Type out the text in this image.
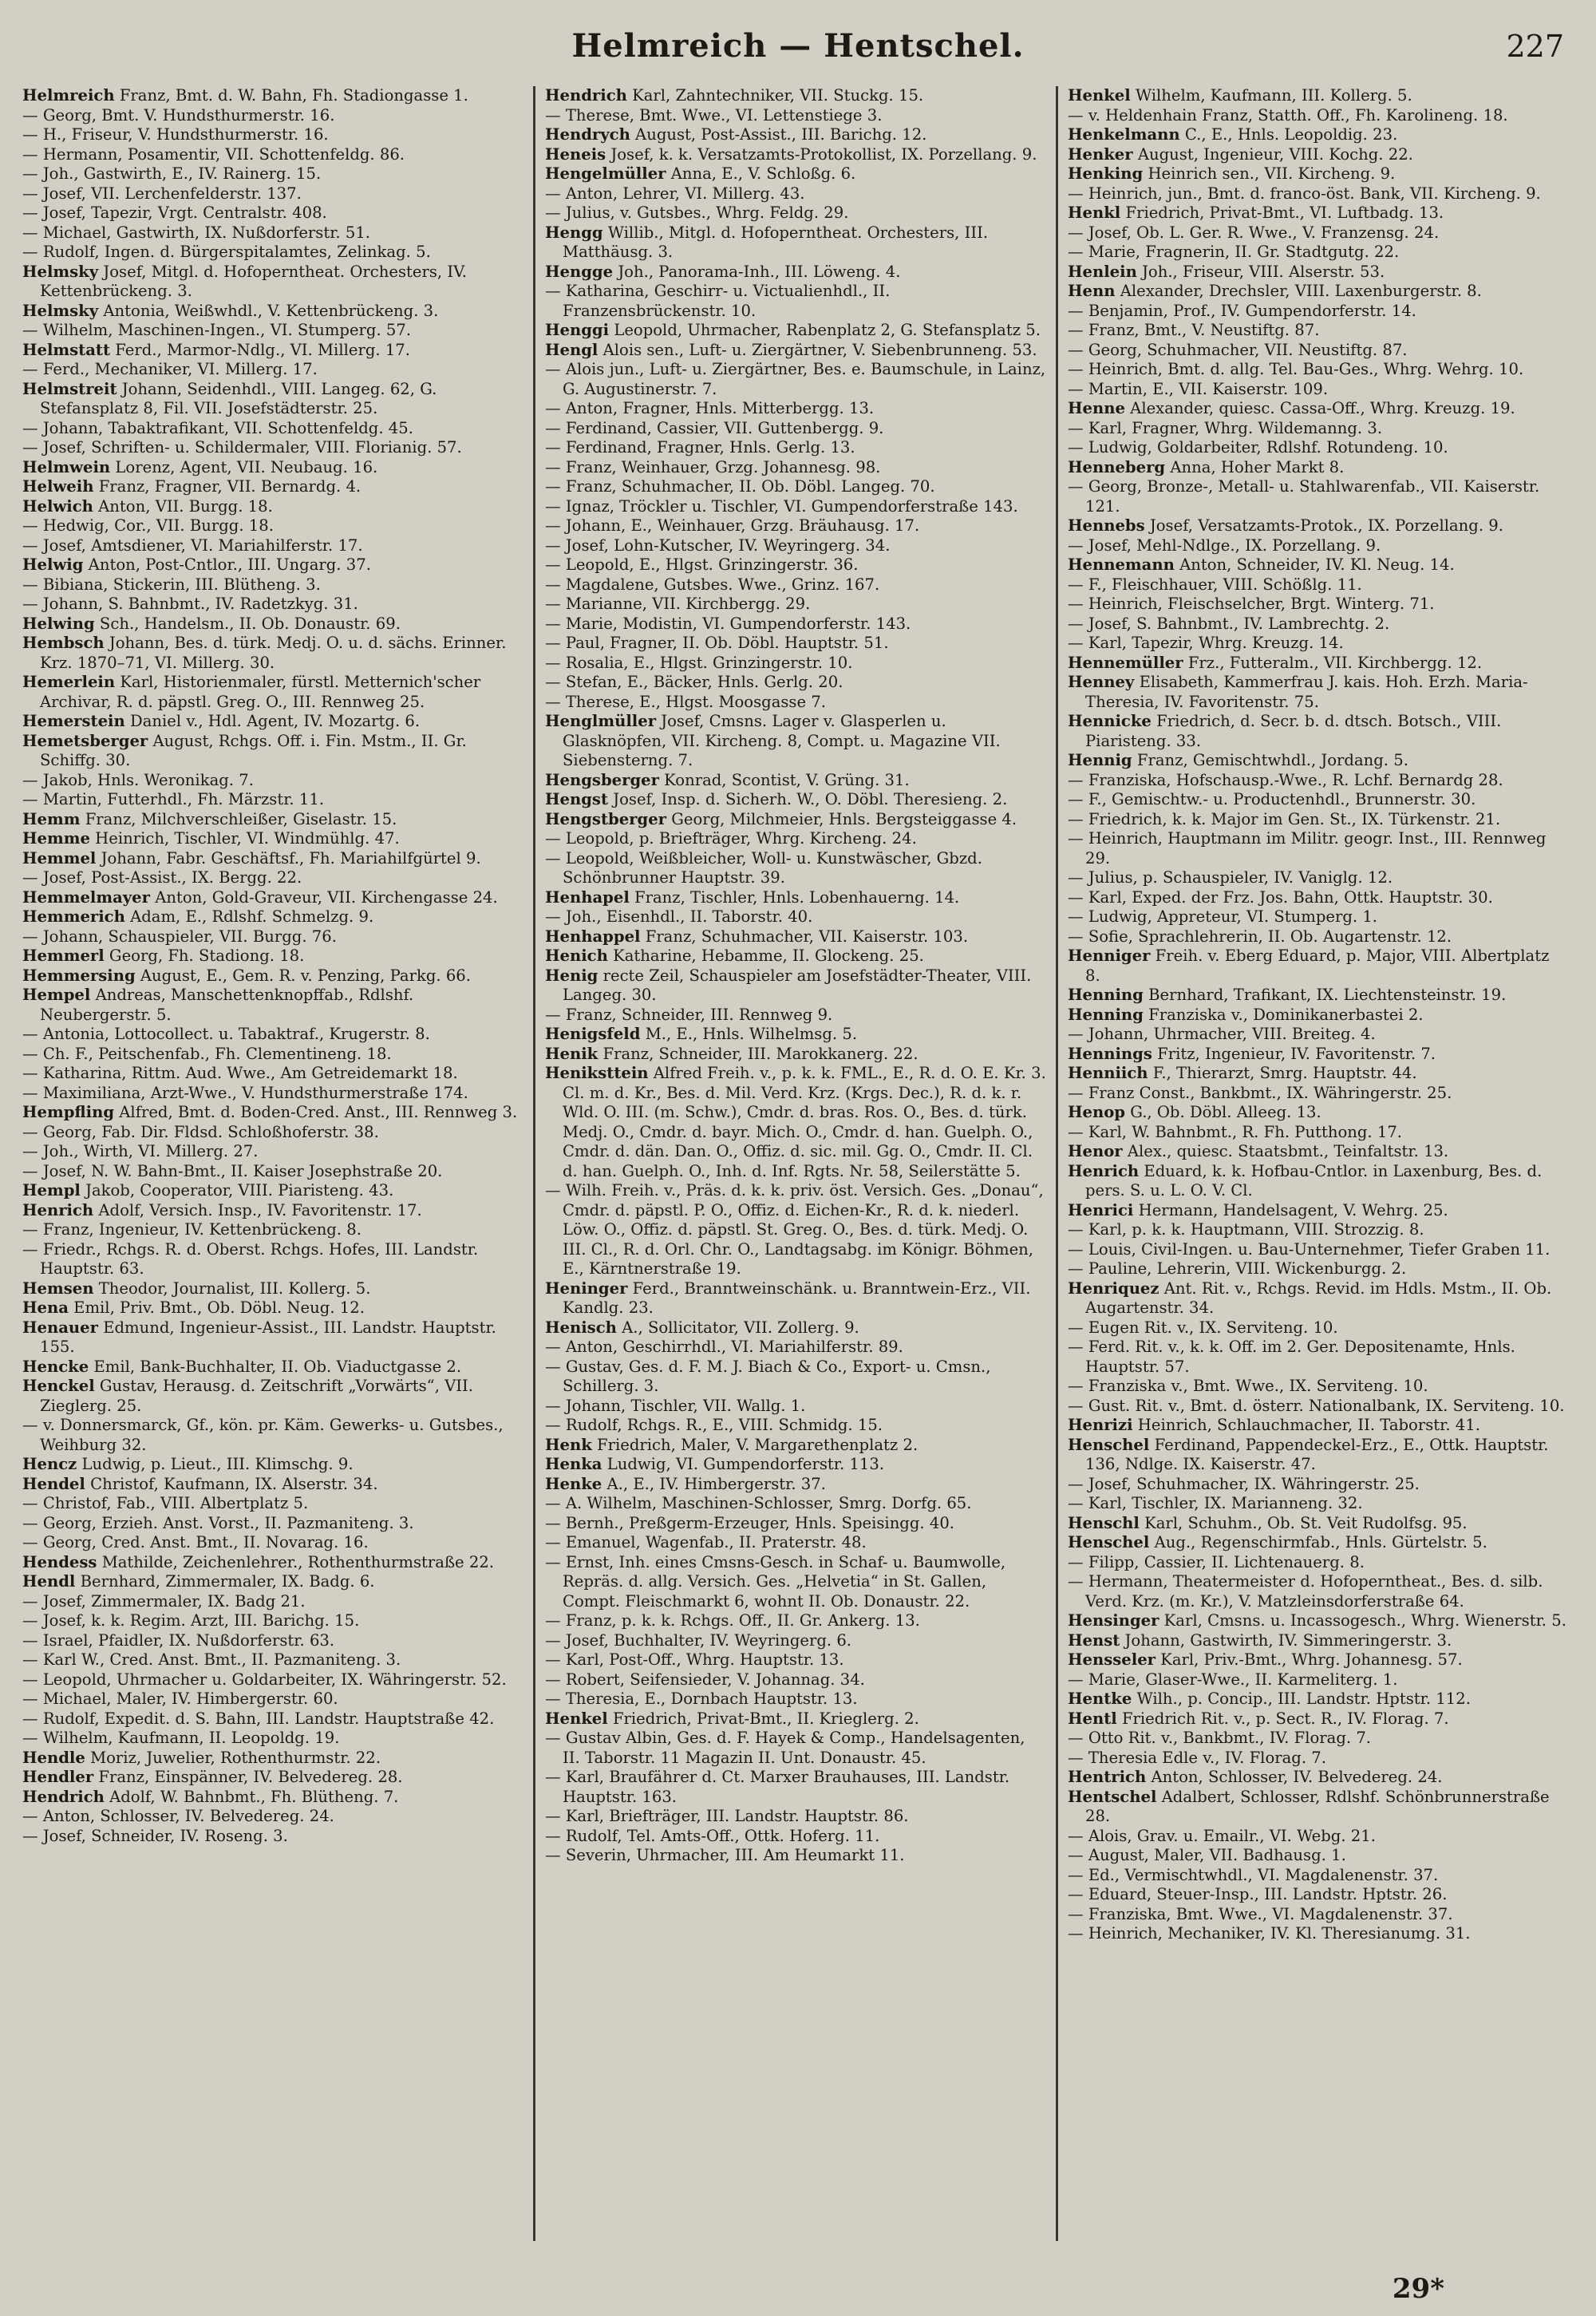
Helmreich — Hentschel.	227

Helmreich Franz, Bmt. d. W. Bahn, Fh. Stadiongasse 1.

— Georg, Bmt. V. Hundsthurmerstr. 16.

— H., Friseur, V. Hundsthurmerstr. 16.

— Hermann, Posamentir, VII. Schottenfeldg. 86.

— Joh., Gastwirth, E., IV. Rainerg. 15.

— Josef, VII. Lerchenfelderstr. 137.

— Josef, Tapezir, Vrgt. Centralstr. 408.

— Michael, Gastwirth, IX. Nußdorferstr. 51.

— Rudolf, Ingen. d. Bürgerspitalamtes, Zelinkag. 5.

Helmsky Josef, Mitgl. d. Hofoperntheat. Orchesters, IV. Kettenbrückeng. 3.

Helmsky Antonia, Weißwhdl., V. Kettenbrückeng. 3.

— Wilhelm, Maschinen-Ingen., VI. Stumperg. 57.

Helmstatt Ferd., Marmor-Ndlg., VI. Millerg. 17.

— Ferd., Mechaniker, VI. Millerg. 17.

Helmstreit Johann, Seidenhdl., VIII. Langeg. 62, G. Stefansplatz 8, Fil. VII. Josefstädterstr. 25.

— Johann, Tabaktrafikant, VII. Schottenfeldg. 45.

— Josef, Schriften- u. Schildermaler, VIII. Florianig. 57.

Helmwein Lorenz, Agent, VII. Neubaug. 16.

Helweih Franz, Fragner, VII. Bernardg. 4.

Helwich Anton, VII. Burgg. 18.

— Hedwig, Cor., VII. Burgg. 18.

— Josef, Amtsdiener, VI. Mariahilferstr. 17.

Helwig Anton, Post-Cntlor., III. Ungarg. 37.

— Bibiana, Stickerin, III. Blütheng. 3.

— Johann, S. Bahnbmt., IV. Radetzkyg. 31.

Helwing Sch., Handelsm., II. Ob. Donaustr. 69.

Hembsch Johann, Bes. d. türk. Medj. O. u. d. sächs. Erinner. Krz. 1870–71, VI. Millerg. 30.

Hemerlein Karl, Historienmaler, fürstl. Metternich'scher Archivar, R. d. päpstl. Greg. O., III. Rennweg 25.

Hemerstein Daniel v., Hdl. Agent, IV. Mozartg. 6.

Hemetsberger August, Rchgs. Off. i. Fin. Mstm., II. Gr. Schiffg. 30.

— Jakob, Hnls. Weronikag. 7.

— Martin, Futterhdl., Fh. Märzstr. 11.

Hemm Franz, Milchverschleißer, Giselastr. 15.

Hemme Heinrich, Tischler, VI. Windmühlg. 47.

Hemmel Johann, Fabr. Geschäftsf., Fh. Mariahilfgürtel 9.

— Josef, Post-Assist., IX. Bergg. 22.

Hemmelmayer Anton, Gold-Graveur, VII. Kirchengasse 24.

Hemmerich Adam, E., Rdlshf. Schmelzg. 9.

— Johann, Schauspieler, VII. Burgg. 76.

Hemmerl Georg, Fh. Stadiong. 18.

Hemmersing August, E., Gem. R. v. Penzing, Parkg. 66.

Hempel Andreas, Manschettenknopffab., Rdlshf. Neubergerstr. 5.

— Antonia, Lottocollect. u. Tabaktraf., Krugerstr. 8.

— Ch. F., Peitschenfab., Fh. Clementineng. 18.

— Katharina, Rittm. Aud. Wwe., Am Getreidemarkt 18.

— Maximiliana, Arzt-Wwe., V. Hundsthurmerstraße 174.

Hempfling Alfred, Bmt. d. Boden-Cred. Anst., III. Rennweg 3.

— Georg, Fab. Dir. Fldsd. Schloßhoferstr. 38.

— Joh., Wirth, VI. Millerg. 27.

— Josef, N. W. Bahn-Bmt., II. Kaiser Josephstraße 20.

Hempl Jakob, Cooperator, VIII. Piaristeng. 43.

Henrich Adolf, Versich. Insp., IV. Favoritenstr. 17.

— Franz, Ingenieur, IV. Kettenbrückeng. 8.

— Friedr., Rchgs. R. d. Oberst. Rchgs. Hofes, III. Landstr. Hauptstr. 63.

Hemsen Theodor, Journalist, III. Kollerg. 5.

Hena Emil, Priv. Bmt., Ob. Döbl. Neug. 12.

Henauer Edmund, Ingenieur-Assist., III. Landstr. Hauptstr. 155.

Hencke Emil, Bank-Buchhalter, II. Ob. Viaductgasse 2.

Henckel Gustav, Herausg. d. Zeitschrift „Vorwärts“, VII. Zieglerg. 25.

— v. Donnersmarck, Gf., kön. pr. Käm. Gewerks- u. Gutsbes., Weihburg 32.

Hencz Ludwig, p. Lieut., III. Klimschg. 9.

Hendel Christof, Kaufmann, IX. Alserstr. 34.

— Christof, Fab., VIII. Albertplatz 5.

— Georg, Erzieh. Anst. Vorst., II. Pazmaniteng. 3.

— Georg, Cred. Anst. Bmt., II. Novarag. 16.

Hendess Mathilde, Zeichenlehrer., Rothenthurmstraße 22.

Hendl Bernhard, Zimmermaler, IX. Badg. 6.

— Josef, Zimmermaler, IX. Badg 21.

— Josef, k. k. Regim. Arzt, III. Barichg. 15.

— Israel, Pfaidler, IX. Nußdorferstr. 63.

— Karl W., Cred. Anst. Bmt., II. Pazmaniteng. 3.

— Leopold, Uhrmacher u. Goldarbeiter, IX. Währingerstr. 52.

— Michael, Maler, IV. Himbergerstr. 60.

— Rudolf, Expedit. d. S. Bahn, III. Landstr. Hauptstraße 42.

— Wilhelm, Kaufmann, II. Leopoldg. 19.

Hendle Moriz, Juwelier, Rothenthurmstr. 22.

Hendler Franz, Einspänner, IV. Belvedereg. 28.

Hendrich Adolf, W. Bahnbmt., Fh. Blütheng. 7.

— Anton, Schlosser, IV. Belvedereg. 24.

— Josef, Schneider, IV. Roseng. 3.

Hendrich Karl, Zahntechniker, VII. Stuckg. 15.

— Therese, Bmt. Wwe., VI. Lettenstiege 3.

Hendrych August, Post-Assist., III. Barichg. 12.

Heneis Josef, k. k. Versatzamts-Protokollist, IX. Porzellang. 9.

Hengelmüller Anna, E., V. Schloßg. 6.

— Anton, Lehrer, VI. Millerg. 43.

— Julius, v. Gutsbes., Whrg. Feldg. 29.

Hengg Willib., Mitgl. d. Hofoperntheat. Orchesters, III. Matthäusg. 3.

Hengge Joh., Panorama-Inh., III. Löweng. 4.

— Katharina, Geschirr- u. Victualienhdl., II. Franzensbrückenstr. 10.

Henggi Leopold, Uhrmacher, Rabenplatz 2, G. Stefansplatz 5.

Hengl Alois sen., Luft- u. Ziergärtner, V. Siebenbrunneng. 53.

— Alois jun., Luft- u. Ziergärtner, Bes. e. Baumschule, in Lainz, G. Augustinerstr. 7.

— Anton, Fragner, Hnls. Mitterbergg. 13.

— Ferdinand, Cassier, VII. Guttenbergg. 9.

— Ferdinand, Fragner, Hnls. Gerlg. 13.

— Franz, Weinhauer, Grzg. Johannesg. 98.

— Franz, Schuhmacher, II. Ob. Döbl. Langeg. 70.

— Ignaz, Tröckler u. Tischler, VI. Gumpendorferstraße 143.

— Johann, E., Weinhauer, Grzg. Bräuhausg. 17.

— Josef, Lohn-Kutscher, IV. Weyringerg. 34.

— Leopold, E., Hlgst. Grinzingerstr. 36.

— Magdalene, Gutsbes. Wwe., Grinz. 167.

— Marianne, VII. Kirchbergg. 29.

— Marie, Modistin, VI. Gumpendorferstr. 143.

— Paul, Fragner, II. Ob. Döbl. Hauptstr. 51.

— Rosalia, E., Hlgst. Grinzingerstr. 10.

— Stefan, E., Bäcker, Hnls. Gerlg. 20.

— Therese, E., Hlgst. Moosgasse 7.

Henglmüller Josef, Cmsns. Lager v. Glasperlen u. Glasknöpfen, VII. Kircheng. 8, Compt. u. Magazine VII. Siebensterng. 7.

Hengsberger Konrad, Scontist, V. Grüng. 31.

Hengst Josef, Insp. d. Sicherh. W., O. Döbl. Theresieng. 2.

Hengstberger Georg, Milchmeier, Hnls. Bergsteiggasse 4.

— Leopold, p. Briefträger, Whrg. Kircheng. 24.

— Leopold, Weißbleicher, Woll- u. Kunstwäscher, Gbzd. Schönbrunner Hauptstr. 39.

Henhapel Franz, Tischler, Hnls. Lobenhauerng. 14.

— Joh., Eisenhdl., II. Taborstr. 40.

Henhappel Franz, Schuhmacher, VII. Kaiserstr. 103.

Henich Katharine, Hebamme, II. Glockeng. 25.

Henig recte Zeil, Schauspieler am Josefstädter-Theater, VIII. Langeg. 30.

— Franz, Schneider, III. Rennweg 9.

Henigsfeld M., E., Hnls. Wilhelmsg. 5.

Henik Franz, Schneider, III. Marokkanerg. 22.

Heniksttein Alfred Freih. v., p. k. k. FML., E., R. d. O. E. Kr. 3. Cl. m. d. Kr., Bes. d. Mil. Verd. Krz. (Krgs. Dec.), R. d. k. r. Wld. O. III. (m. Schw.), Cmdr. d. bras. Ros. O., Bes. d. türk. Medj. O., Cmdr. d. bayr. Mich. O., Cmdr. d. han. Guelph. O., Cmdr. d. dän. Dan. O., Offiz. d. sic. mil. Gg. O., Cmdr. II. Cl. d. han. Guelph. O., Inh. d. Inf. Rgts. Nr. 58, Seilerstätte 5.

— Wilh. Freih. v., Präs. d. k. k. priv. öst. Versich. Ges. „Donau“, Cmdr. d. päpstl. P. O., Offiz. d. Eichen-Kr., R. d. k. niederl. Löw. O., Offiz. d. päpstl. St. Greg. O., Bes. d. türk. Medj. O. III. Cl., R. d. Orl. Chr. O., Landtagsabg. im Königr. Böhmen, E., Kärntnerstraße 19.

Heninger Ferd., Branntweinschänk. u. Branntwein-Erz., VII. Kandlg. 23.

Henisch A., Sollicitator, VII. Zollerg. 9.

— Anton, Geschirrhdl., VI. Mariahilferstr. 89.

— Gustav, Ges. d. F. M. J. Biach & Co., Export- u. Cmsn., Schillerg. 3.

— Johann, Tischler, VII. Wallg. 1.

— Rudolf, Rchgs. R., E., VIII. Schmidg. 15.

Henk Friedrich, Maler, V. Margarethenplatz 2.

Henka Ludwig, VI. Gumpendorferstr. 113.

Henke A., E., IV. Himbergerstr. 37.

— A. Wilhelm, Maschinen-Schlosser, Smrg. Dorfg. 65.

— Bernh., Preßgerm-Erzeuger, Hnls. Speisingg. 40.

— Emanuel, Wagenfab., II. Praterstr. 48.

— Ernst, Inh. eines Cmsns-Gesch. in Schaf- u. Baumwolle, Repräs. d. allg. Versich. Ges. „Helvetia“ in St. Gallen, Compt. Fleischmarkt 6, wohnt II. Ob. Donaustr. 22.

— Franz, p. k. k. Rchgs. Off., II. Gr. Ankerg. 13.

— Josef, Buchhalter, IV. Weyringerg. 6.

— Karl, Post-Off., Whrg. Hauptstr. 13.

— Robert, Seifensieder, V. Johannag. 34.

— Theresia, E., Dornbach Hauptstr. 13.

Henkel Friedrich, Privat-Bmt., II. Krieglerg. 2.

— Gustav Albin, Ges. d. F. Hayek & Comp., Handelsagenten, II. Taborstr. 11 Magazin II. Unt. Donaustr. 45.

— Karl, Braufährer d. Ct. Marxer Brauhauses, III. Landstr. Hauptstr. 163.

— Karl, Briefträger, III. Landstr. Hauptstr. 86.

— Rudolf, Tel. Amts-Off., Ottk. Hoferg. 11.

— Severin, Uhrmacher, III. Am Heumarkt 11.

Henkel Wilhelm, Kaufmann, III. Kollerg. 5.

— v. Heldenhain Franz, Statth. Off., Fh. Karolineng. 18.

Henkelmann C., E., Hnls. Leopoldig. 23.

Henker August, Ingenieur, VIII. Kochg. 22.

Henking Heinrich sen., VII. Kircheng. 9.

— Heinrich, jun., Bmt. d. franco-öst. Bank, VII. Kircheng. 9.

Henkl Friedrich, Privat-Bmt., VI. Luftbadg. 13.

— Josef, Ob. L. Ger. R. Wwe., V. Franzensg. 24.

— Marie, Fragnerin, II. Gr. Stadtgutg. 22.

Henlein Joh., Friseur, VIII. Alserstr. 53.

Henn Alexander, Drechsler, VIII. Laxenburgerstr. 8.

— Benjamin, Prof., IV. Gumpendorferstr. 14.

— Franz, Bmt., V. Neustiftg. 87.

— Georg, Schuhmacher, VII. Neustiftg. 87.

— Heinrich, Bmt. d. allg. Tel. Bau-Ges., Whrg. Wehrg. 10.

— Martin, E., VII. Kaiserstr. 109.

Henne Alexander, quiesc. Cassa-Off., Whrg. Kreuzg. 19.

— Karl, Fragner, Whrg. Wildemanng. 3.

— Ludwig, Goldarbeiter, Rdlshf. Rotundeng. 10.

Henneberg Anna, Hoher Markt 8.

— Georg, Bronze-, Metall- u. Stahlwarenfab., VII. Kaiserstr. 121.

Hennebs Josef, Versatzamts-Protok., IX. Porzellang. 9.

— Josef, Mehl-Ndlge., IX. Porzellang. 9.

Hennemann Anton, Schneider, IV. Kl. Neug. 14.

— F., Fleischhauer, VIII. Schößlg. 11.

— Heinrich, Fleischselcher, Brgt. Winterg. 71.

— Josef, S. Bahnbmt., IV. Lambrechtg. 2.

— Karl, Tapezir, Whrg. Kreuzg. 14.

Hennemüller Frz., Futteralm., VII. Kirchbergg. 12.

Henney Elisabeth, Kammerfrau J. kais. Hoh. Erzh. Maria-Theresia, IV. Favoritenstr. 75.

Hennicke Friedrich, d. Secr. b. d. dtsch. Botsch., VIII. Piaristeng. 33.

Hennig Franz, Gemischtwhdl., Jordang. 5.

— Franziska, Hofschausp.-Wwe., R. Lchf. Bernardg 28.

— F., Gemischtw.- u. Productenhdl., Brunnerstr. 30.

— Friedrich, k. k. Major im Gen. St., IX. Türkenstr. 21.

— Heinrich, Hauptmann im Militr. geogr. Inst., III. Rennweg 29.

— Julius, p. Schauspieler, IV. Vaniglg. 12.

— Karl, Exped. der Frz. Jos. Bahn, Ottk. Hauptstr. 30.

— Ludwig, Appreteur, VI. Stumperg. 1.

— Sofie, Sprachlehrerin, II. Ob. Augartenstr. 12.

Henniger Freih. v. Eberg Eduard, p. Major, VIII. Albertplatz 8.

Henning Bernhard, Trafikant, IX. Liechtensteinstr. 19.

Henning Franziska v., Dominikanerbastei 2.

— Johann, Uhrmacher, VIII. Breiteg. 4.

Hennings Fritz, Ingenieur, IV. Favoritenstr. 7.

Henniich F., Thierarzt, Smrg. Hauptstr. 44.

— Franz Const., Bankbmt., IX. Währingerstr. 25.

Henop G., Ob. Döbl. Alleeg. 13.

— Karl, W. Bahnbmt., R. Fh. Putthong. 17.

Henor Alex., quiesc. Staatsbmt., Teinfaltstr. 13.

Henrich Eduard, k. k. Hofbau-Cntlor. in Laxenburg, Bes. d. pers. S. u. L. O. V. Cl.

Henrici Hermann, Handelsagent, V. Wehrg. 25.

— Karl, p. k. k. Hauptmann, VIII. Strozzig. 8.

— Louis, Civil-Ingen. u. Bau-Unternehmer, Tiefer Graben 11.

— Pauline, Lehrerin, VIII. Wickenburgg. 2.

Henriquez Ant. Rit. v., Rchgs. Revid. im Hdls. Mstm., II. Ob. Augartenstr. 34.

— Eugen Rit. v., IX. Serviteng. 10.

— Ferd. Rit. v., k. k. Off. im 2. Ger. Depositenamte, Hnls. Hauptstr. 57.

— Franziska v., Bmt. Wwe., IX. Serviteng. 10.

— Gust. Rit. v., Bmt. d. österr. Nationalbank, IX. Serviteng. 10.

Henrizi Heinrich, Schlauchmacher, II. Taborstr. 41.

Henschel Ferdinand, Pappendeckel-Erz., E., Ottk. Hauptstr. 136, Ndlge. IX. Kaiserstr. 47.

— Josef, Schuhmacher, IX. Währingerstr. 25.

— Karl, Tischler, IX. Marianneng. 32.

Henschl Karl, Schuhm., Ob. St. Veit Rudolfsg. 95.

Henschel Aug., Regenschirmfab., Hnls. Gürtelstr. 5.

— Filipp, Cassier, II. Lichtenauerg. 8.

— Hermann, Theatermeister d. Hofoperntheat., Bes. d. silb. Verd. Krz. (m. Kr.), V. Matzleinsdorferstraße 64.

Hensinger Karl, Cmsns. u. Incassogesch., Whrg. Wienerstr. 5.

Henst Johann, Gastwirth, IV. Simmeringerstr. 3.

Hensseler Karl, Priv.-Bmt., Whrg. Johannesg. 57.

— Marie, Glaser-Wwe., II. Karmeliterg. 1.

Hentke Wilh., p. Concip., III. Landstr. Hptstr. 112.

Hentl Friedrich Rit. v., p. Sect. R., IV. Florag. 7.

— Otto Rit. v., Bankbmt., IV. Florag. 7.

— Theresia Edle v., IV. Florag. 7.

Hentrich Anton, Schlosser, IV. Belvedereg. 24.

Hentschel Adalbert, Schlosser, Rdlshf. Schönbrunnerstraße 28.

— Alois, Grav. u. Emailr., VI. Webg. 21.

— August, Maler, VII. Badhausg. 1.

— Ed., Vermischtwhdl., VI. Magdalenenstr. 37.

— Eduard, Steuer-Insp., III. Landstr. Hptstr. 26.

— Franziska, Bmt. Wwe., VI. Magdalenenstr. 37.

— Heinrich, Mechaniker, IV. Kl. Theresianumg. 31.

29*
